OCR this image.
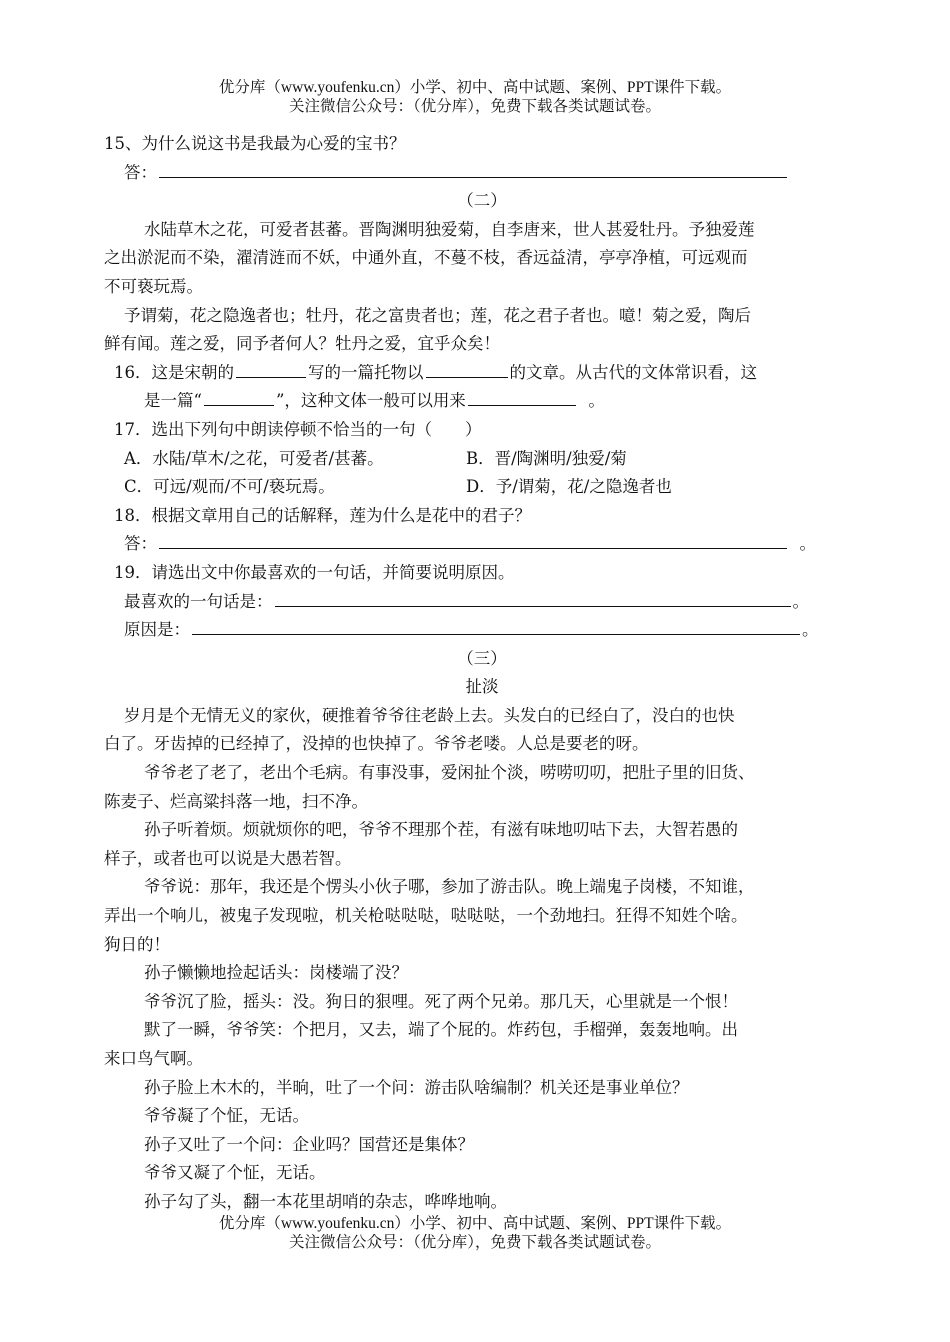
优分库（www.youfenku.cn）小学、初中、高中试题、案例、PPT课件下载。
关注微信公众号：（优分库），免费下载各类试题试卷。
15、为什么说这书是我最为心爱的宝书？
答：
（二）
水陆草木之花，可爱者甚蕃。晋陶渊明独爱菊，自李唐来，世人甚爱牡丹。予独爱莲
之出淤泥而不染，濯清涟而不妖，中通外直，不蔓不枝，香远益清，亭亭净植，可远观而
不可亵玩焉。
予谓菊，花之隐逸者也；牡丹，花之富贵者也；莲，花之君子者也。噫！菊之爱，陶后
鲜有闻。莲之爱，同予者何人？牡丹之爱，宜乎众矣！
16．这是宋朝的	写的一篇托物以	的文章。从古代的文体常识看，这
是一篇“	”，这种文体一般可以用来	。
17．选出下列句中朗读停顿不恰当的一句（　　）
A．水陆/草木/之花，可爱者/甚蕃。	B．晋/陶渊明/独爱/菊
C．可远/观而/不可/亵玩焉。	D．予/谓菊，花/之隐逸者也
18．根据文章用自己的话解释，莲为什么是花中的君子？
答：	。
19．请选出文中你最喜欢的一句话，并简要说明原因。
最喜欢的一句话是：	。
原因是：	。
（三）
扯淡
岁月是个无情无义的家伙，硬推着爷爷往老龄上去。头发白的已经白了，没白的也快
白了。牙齿掉的已经掉了，没掉的也快掉了。爷爷老喽。人总是要老的呀。
爷爷老了老了，老出个毛病。有事没事，爱闲扯个淡，唠唠叨叨，把肚子里的旧货、
陈麦子、烂高粱抖落一地，扫不净。
孙子听着烦。烦就烦你的吧，爷爷不理那个茬，有滋有味地叨咕下去，大智若愚的
样子，或者也可以说是大愚若智。
爷爷说：那年，我还是个愣头小伙子哪，参加了游击队。晚上端鬼子岗楼，不知谁，
弄出一个响儿，被鬼子发现啦，机关枪哒哒哒，哒哒哒，一个劲地扫。狂得不知姓个啥。
狗日的！
孙子懒懒地捡起话头：岗楼端了没？
爷爷沉了脸，摇头：没。狗日的狠哩。死了两个兄弟。那几天，心里就是一个恨！
默了一瞬，爷爷笑：个把月，又去，端了个屁的。炸药包，手榴弹，轰轰地响。出
来口鸟气啊。
孙子脸上木木的，半晌，吐了一个问：游击队啥编制？机关还是事业单位？
爷爷凝了个怔，无话。
孙子又吐了一个问：企业吗？国营还是集体？
爷爷又凝了个怔，无话。
孙子勾了头，翻一本花里胡哨的杂志，哗哗地响。
优分库（www.youfenku.cn）小学、初中、高中试题、案例、PPT课件下载。
关注微信公众号：（优分库），免费下载各类试题试卷。
